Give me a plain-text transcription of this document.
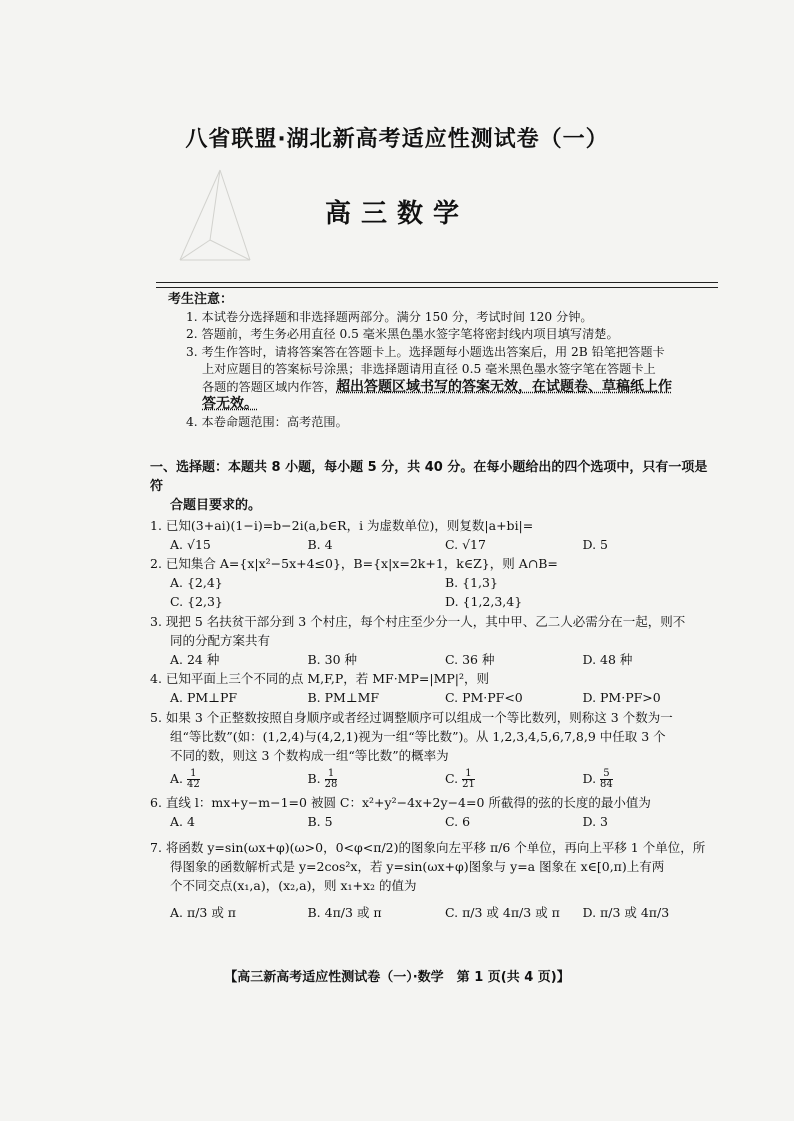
八省联盟·湖北新高考适应性测试卷（一）
高三数学
考生注意：
1. 本试卷分选择题和非选择题两部分。满分 150 分，考试时间 120 分钟。
2. 答题前，考生务必用直径 0.5 毫米黑色墨水签字笔将密封线内项目填写清楚。
3. 考生作答时，请将答案答在答题卡上。选择题每小题选出答案后，用 2B 铅笔把答题卡
上对应题目的答案标号涂黑；非选择题请用直径 0.5 毫米黑色墨水签字笔在答题卡上
各题的答题区域内作答，超出答题区域书写的答案无效，在试题卷、草稿纸上作
答无效。
4. 本卷命题范围：高考范围。
一、选择题：本题共 8 小题，每小题 5 分，共 40 分。在每小题给出的四个选项中，只有一项是符
合题目要求的。
1. 已知(3+ai)(1−i)=b−2i(a,b∈R，i 为虚数单位)，则复数|a+bi|=
A. √15	B. 4	C. √17	D. 5
2. 已知集合 A={x|x²−5x+4≤0}，B={x|x=2k+1，k∈Z}，则 A∩B=
A. {2,4}	B. {1,3}
C. {2,3}	D. {1,2,3,4}
3. 现把 5 名扶贫干部分到 3 个村庄，每个村庄至少分一人，其中甲、乙二人必需分在一起，则不
同的分配方案共有
A. 24 种	B. 30 种	C. 36 种	D. 48 种
4. 已知平面上三个不同的点 M,F,P，若 MF·MP=|MP|²，则
A. PM⊥PF	B. PM⊥MF	C. PM·PF<0	D. PM·PF>0
5. 如果 3 个正整数按照自身顺序或者经过调整顺序可以组成一个等比数列，则称这 3 个数为一
组“等比数”(如：(1,2,4)与(4,2,1)视为一组“等比数”)。从 1,2,3,4,5,6,7,8,9 中任取 3 个
不同的数，则这 3 个数构成一组“等比数”的概率为
A. $\frac{1}{42}$	B. $\frac{1}{28}$	C. $\frac{1}{21}$	D. $\frac{5}{84}$
6. 直线 l：mx+y−m−1=0 被圆 C：x²+y²−4x+2y−4=0 所截得的弦的长度的最小值为
A. 4	B. 5	C. 6	D. 3
7. 将函数 y=sin(ωx+φ)(ω>0，0<φ<π/2)的图象向左平移 π/6 个单位，再向上平移 1 个单位，所
得图象的函数解析式是 y=2cos²x，若 y=sin(ωx+φ)图象与 y=a 图象在 x∈[0,π)上有两
个不同交点(x₁,a)，(x₂,a)，则 x₁+x₂ 的值为
A. π/3 或 π	B. 4π/3 或 π	C. π/3 或 4π/3 或 π	D. π/3 或 4π/3
【高三新高考适应性测试卷（一）·数学　第 1 页(共 4 页)】
